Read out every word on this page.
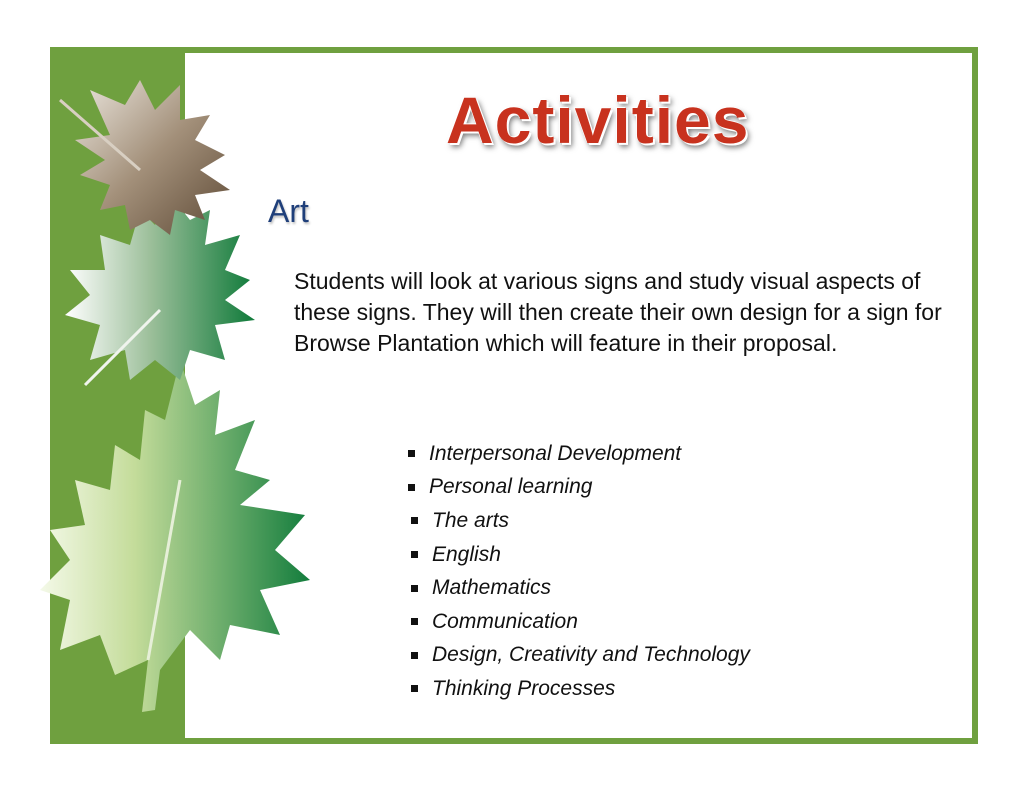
Activities
Art

Students will look at various signs and study visual aspects of these signs. They will then create their own design for a sign for Browse Plantation which will feature in their proposal.

Interpersonal Development
Personal learning
The arts
English
Mathematics
Communication
Design, Creativity and Technology
Thinking Processes
